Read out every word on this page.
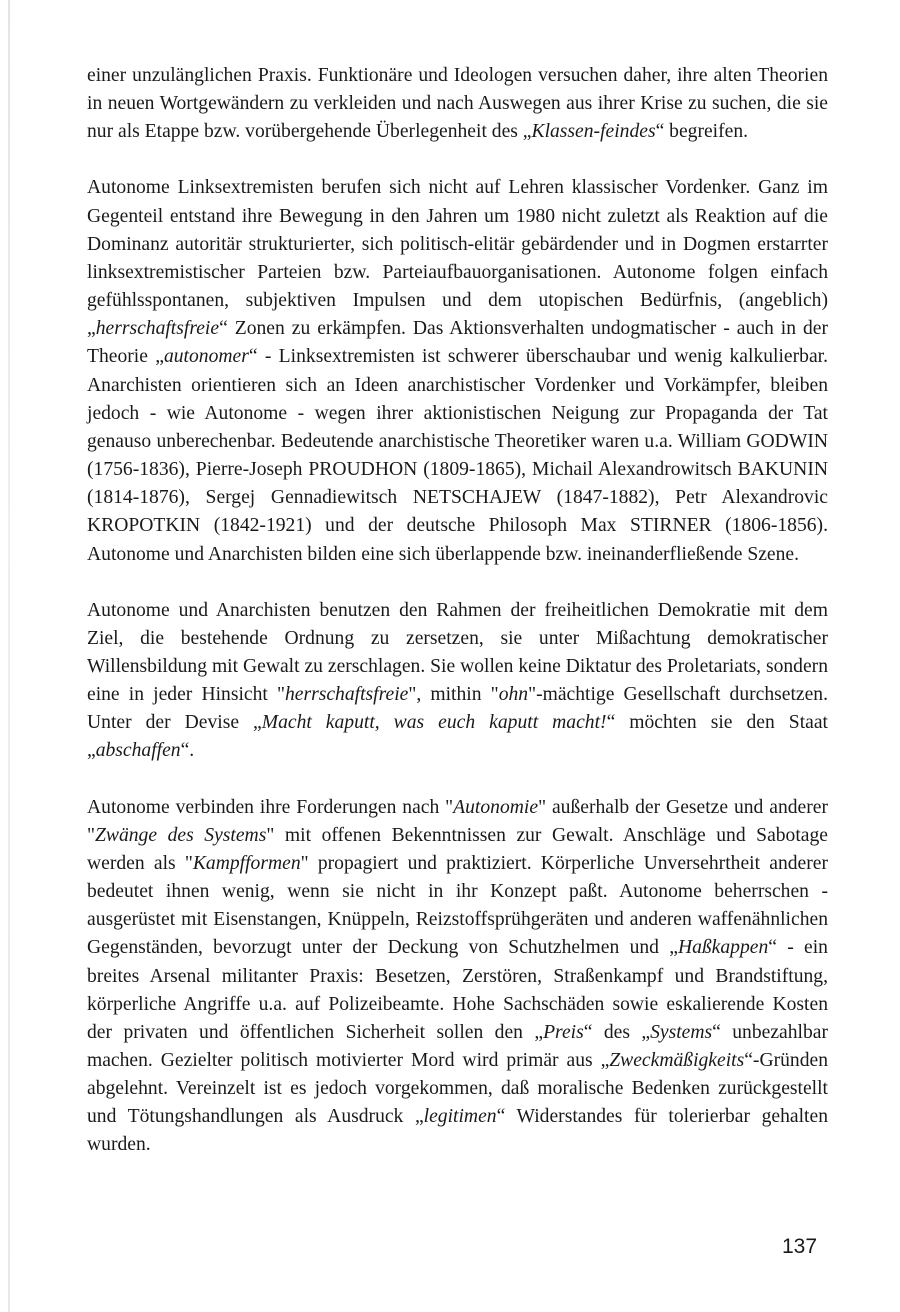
einer unzulänglichen Praxis. Funktionäre und Ideologen versuchen daher, ihre alten Theorien in neuen Wortgewändern zu verkleiden und nach Auswegen aus ihrer Krise zu suchen, die sie nur als Etappe bzw. vorübergehende Überlegenheit des „Klassen-feindes“ begreifen.

Autonome Linksextremisten berufen sich nicht auf Lehren klassischer Vordenker. Ganz im Gegenteil entstand ihre Bewegung in den Jahren um 1980 nicht zuletzt als Reaktion auf die Dominanz autoritär strukturierter, sich politisch-elitär gebärdender und in Dogmen erstarrter linksextremistischer Parteien bzw. Parteiaufbauorganisationen. Autonome folgen einfach gefühlsspontanen, subjektiven Impulsen und dem utopischen Bedürfnis, (angeblich) „herrschaftsfreie“ Zonen zu erkämpfen. Das Aktionsverhalten undogmatischer - auch in der Theorie „autonomer“ - Linksextremisten ist schwerer überschaubar und wenig kalkulierbar. Anarchisten orientieren sich an Ideen anarchistischer Vordenker und Vorkämpfer, bleiben jedoch - wie Autonome - wegen ihrer aktionistischen Neigung zur Propaganda der Tat genauso unberechenbar. Bedeutende anarchistische Theoretiker waren u.a. William GODWIN (1756-1836), Pierre-Joseph PROUDHON (1809-1865), Michail Alexandrowitsch BAKUNIN (1814-1876), Sergej Gennadiewitsch NETSCHAJEW (1847-1882), Petr Alexandrovic KROPOTKIN (1842-1921) und der deutsche Philosoph Max STIRNER (1806-1856). Autonome und Anarchisten bilden eine sich überlappende bzw. ineinanderfließende Szene.

Autonome und Anarchisten benutzen den Rahmen der freiheitlichen Demokratie mit dem Ziel, die bestehende Ordnung zu zersetzen, sie unter Mißachtung demokratischer Willensbildung mit Gewalt zu zerschlagen. Sie wollen keine Diktatur des Proletariats, sondern eine in jeder Hinsicht "herrschaftsfreie", mithin "ohn"-mächtige Gesellschaft durchsetzen. Unter der Devise „Macht kaputt, was euch kaputt macht!“ möchten sie den Staat „abschaffen“.

Autonome verbinden ihre Forderungen nach "Autonomie" außerhalb der Gesetze und anderer "Zwänge des Systems" mit offenen Bekenntnissen zur Gewalt. Anschläge und Sabotage werden als "Kampfformen" propagiert und praktiziert. Körperliche Unversehrtheit anderer bedeutet ihnen wenig, wenn sie nicht in ihr Konzept paßt. Autonome beherrschen - ausgerüstet mit Eisenstangen, Knüppeln, Reizstoffsprühgeräten und anderen waffenähnlichen Gegenständen, bevorzugt unter der Deckung von Schutzhelmen und „Haßkappen“ - ein breites Arsenal militanter Praxis: Besetzen, Zerstören, Straßenkampf und Brandstiftung, körperliche Angriffe u.a. auf Polizeibeamte. Hohe Sachschäden sowie eskalierende Kosten der privaten und öffentlichen Sicherheit sollen den „Preis“ des „Systems“ unbezahlbar machen. Gezielter politisch motivierter Mord wird primär aus „Zweckmäßigkeits“-Gründen abgelehnt. Vereinzelt ist es jedoch vorgekommen, daß moralische Bedenken zurückgestellt und Tötungshandlungen als Ausdruck „legitimen“ Widerstandes für tolerierbar gehalten wurden.

137
